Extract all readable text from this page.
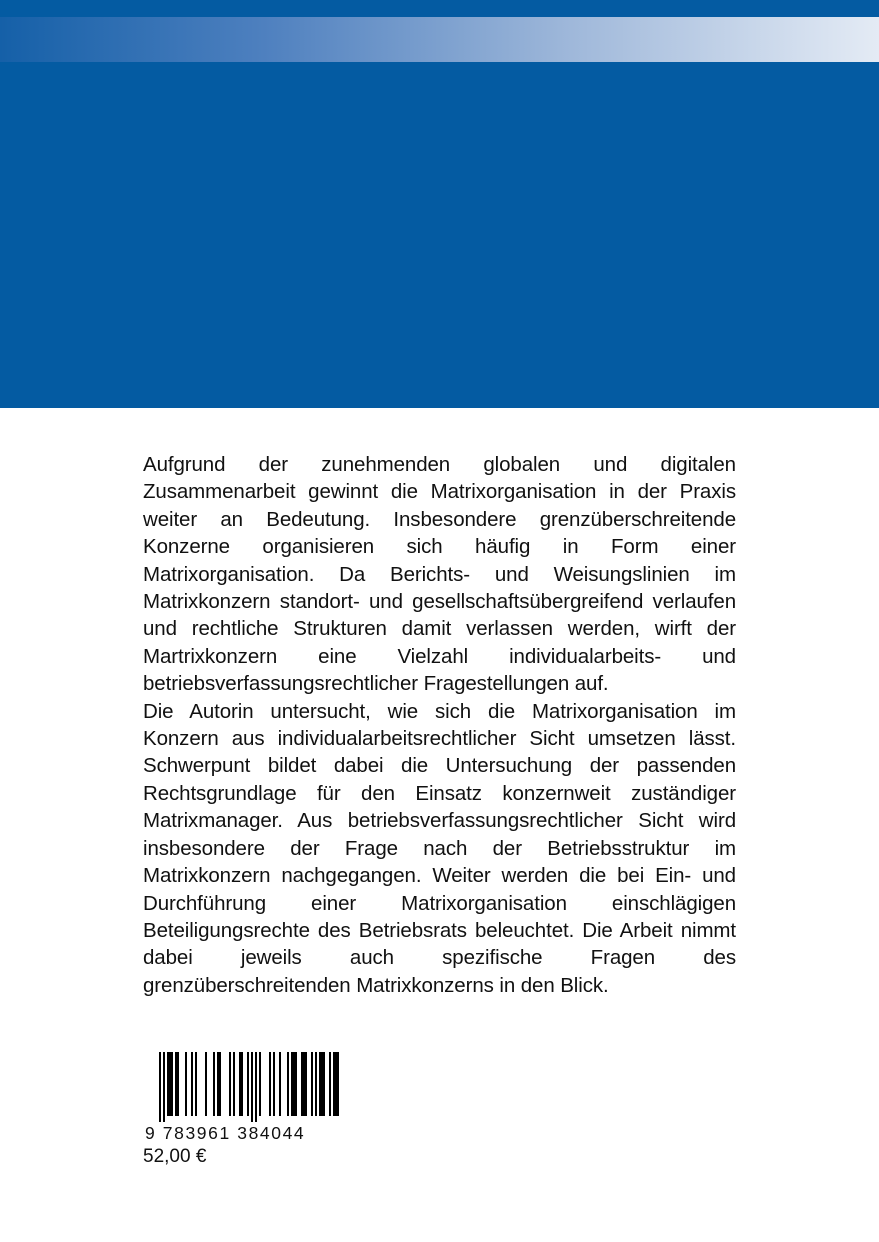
Aufgrund der zunehmenden globalen und digitalen Zusammenarbeit gewinnt die Matrixorganisation in der Praxis weiter an Bedeutung. Insbesondere grenzüberschreitende Konzerne organisieren sich häufig in Form einer Matrixorganisation. Da Berichts- und Weisungslinien im Matrixkonzern standort- und gesellschaftsübergreifend verlaufen und rechtliche Strukturen damit verlassen werden, wirft der Martrixkonzern eine Vielzahl individualarbeits- und betriebsverfassungsrechtlicher Fragestellungen auf.

Die Autorin untersucht, wie sich die Matrixorganisation im Konzern aus individualarbeitsrechtlicher Sicht umsetzen lässt. Schwerpunt bildet dabei die Untersuchung der passenden Rechtsgrundlage für den Einsatz konzernweit zuständiger Matrixmanager. Aus betriebsverfassungsrechtlicher Sicht wird insbesondere der Frage nach der Betriebsstruktur im Matrixkonzern nachgegangen. Weiter werden die bei Ein- und Durchführung einer Matrixorganisation einschlägigen Beteiligungsrechte des Betriebsrats beleuchtet. Die Arbeit nimmt dabei jeweils auch spezifische Fragen des grenzüberschreitenden Matrixkonzerns in den Blick.

9 783961 384044
52,00 €
